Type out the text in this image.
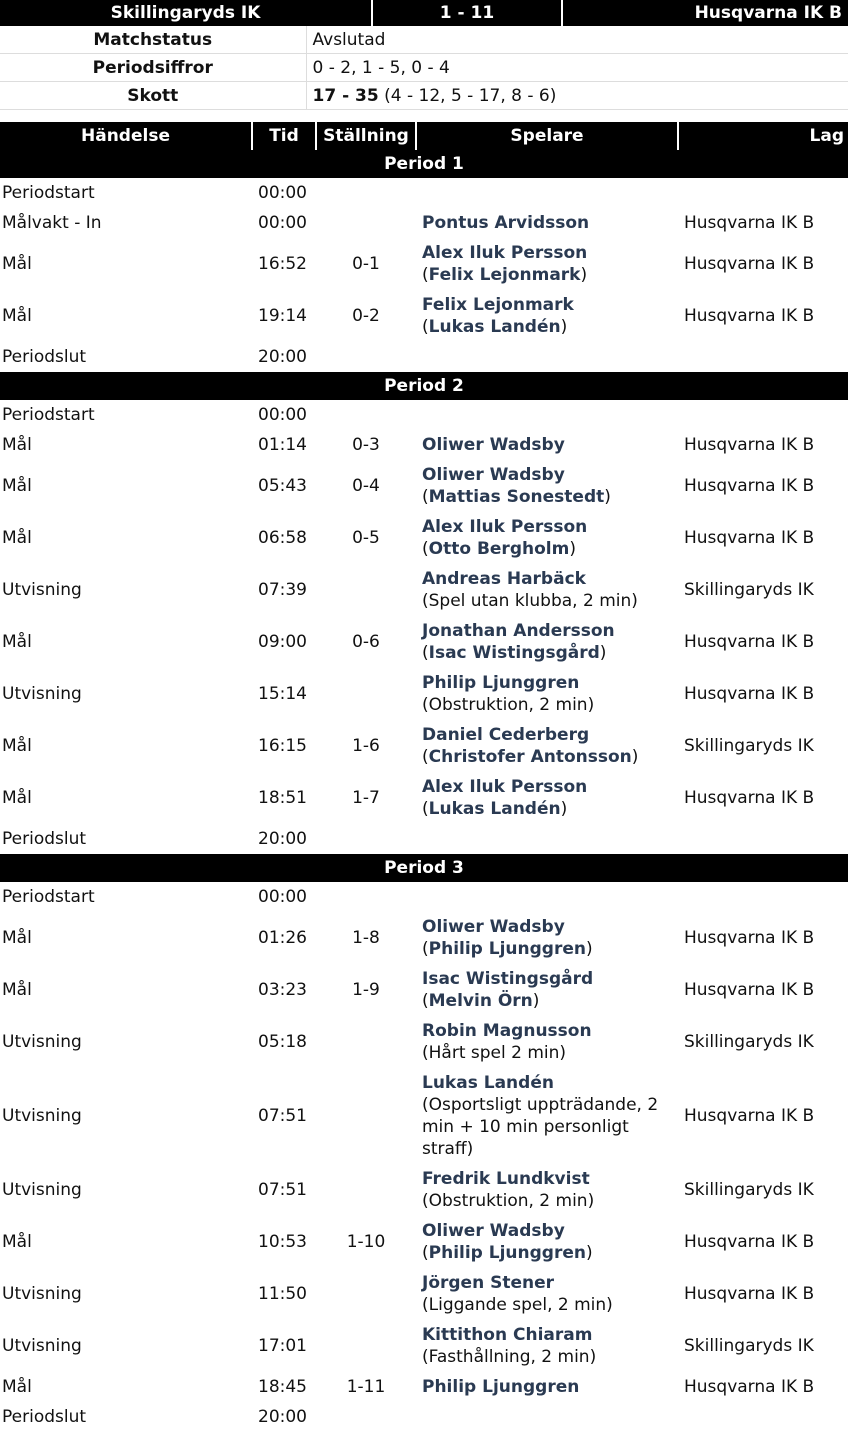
Skillingaryds IK	1 - 11	Husqvarna IK B
Matchstatus	Avslutad
Periodsiffror	0 - 2, 1 - 5, 0 - 4
Skott	17 - 35 (4 - 12, 5 - 17, 8 - 6)
Händelse	Tid	Ställning	Spelare	Lag
Period 1				
Periodstart	00:00			
Målvakt - In	00:00		Pontus Arvidsson	Husqvarna IK B
Mål	16:52	0-1	Alex Iluk Persson
(Felix Lejonmark)	Husqvarna IK B
Mål	19:14	0-2	Felix Lejonmark
(Lukas Landén)	Husqvarna IK B
Periodslut	20:00			
Period 2				
Periodstart	00:00			
Mål	01:14	0-3	Oliwer Wadsby	Husqvarna IK B
Mål	05:43	0-4	Oliwer Wadsby
(Mattias Sonestedt)	Husqvarna IK B
Mål	06:58	0-5	Alex Iluk Persson
(Otto Bergholm)	Husqvarna IK B
Utvisning	07:39		Andreas Harbäck
(Spel utan klubba, 2 min)	Skillingaryds IK
Mål	09:00	0-6	Jonathan Andersson
(Isac Wistingsgård)	Husqvarna IK B
Utvisning	15:14		Philip Ljunggren
(Obstruktion, 2 min)	Husqvarna IK B
Mål	16:15	1-6	Daniel Cederberg
(Christofer Antonsson)	Skillingaryds IK
Mål	18:51	1-7	Alex Iluk Persson
(Lukas Landén)	Husqvarna IK B
Periodslut	20:00			
Period 3				
Periodstart	00:00			
Mål	01:26	1-8	Oliwer Wadsby
(Philip Ljunggren)	Husqvarna IK B
Mål	03:23	1-9	Isac Wistingsgård
(Melvin Örn)	Husqvarna IK B
Utvisning	05:18		Robin Magnusson
(Hårt spel 2 min)	Skillingaryds IK
Utvisning	07:51		Lukas Landén
(Osportsligt uppträdande, 2
min + 10 min personligt
straff)	Husqvarna IK B
Utvisning	07:51		Fredrik Lundkvist
(Obstruktion, 2 min)	Skillingaryds IK
Mål	10:53	1-10	Oliwer Wadsby
(Philip Ljunggren)	Husqvarna IK B
Utvisning	11:50		Jörgen Stener
(Liggande spel, 2 min)	Husqvarna IK B
Utvisning	17:01		Kittithon Chiaram
(Fasthållning, 2 min)	Skillingaryds IK
Mål	18:45	1-11	Philip Ljunggren	Husqvarna IK B
Periodslut	20:00			
